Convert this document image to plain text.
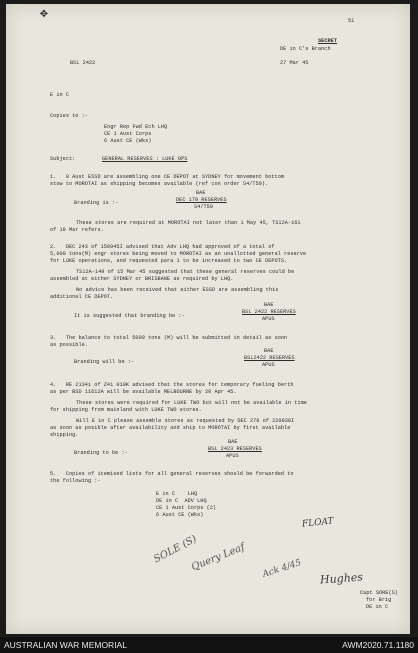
51
SECRET
DE in C's Branch
27 Mar 45
BSL 2422
✥
E in C
Copies to :-
Engr Rep Fwd Ech LHQ
CE 1 Aust Corps
6 Aust CE (Wks)
Subject:	GENERAL RESERVES : LUKE OPS
1.   8 Aust ESSD are assembling one CE DEPOT at SYDNEY for movement bottom
stow to MOROTAI as shipping becomes available (ref con order S4/T50).
Branding is :-
BAE
DEC 179 RESERVES
S4/T50
These stores are required at MOROTAI not later than 1 May 45, TS12A-161
of 19 Mar refers.
2.   DEC 243 of 150945I advised that Adv LHQ had approved of a total of
5,000 tons(M) engr stores being moved to MOROTAI as an unallotted general reserve
for LUKE operations, and requested para 1 to be increased to two CE DEPOTS.
TS12A-149 of 15 Mar 45 suggested that these general reserves could be
assembled at either SYDNEY or BRISBANE as required by LHQ.
No advice has been received that either ESSD are assembling this
additional CE DEPOT.
It is suggested that branding be :-
BAE
BSL 2422 RESERVES
APUS
3.   The balance to total 5000 tons (M) will be submitted in detail as soon
as possible.
Branding will be :-
BAE
BSL2422 RESERVES
APUS
4.   RE 21341 of Z41 010K advised that the stores for temporary fueling berth
as per BSD 11612A will be available MELBOURNE by 20 Apr 45.
These stores were required for LUKE TWO but will not be available in time
for shipping from mainland with LUKE TWO stores.
Will E in C please assemble stores as requested by DEC 278 of 220930I
as soon as posible after availability and ship to MOROTAI by first available
shipping.
Branding to be :-
BAE
BSL 2423 RESERVES
APUS
5.   Copies of itemised lists for all general reserves should be forwarded to
the following :-
E in C    LHQ
DE in C  ADV LHQ
CE 1 Aust Corps (2)
6 Aust CE (Wks)
FLOAT
SOLE (S)
Query Leaf Ack 4/45 Hughes
Capt SORE(S)
for Brig
DE in C
AUSTRALIAN WAR MEMORIAL	AWM2020.71.1180
